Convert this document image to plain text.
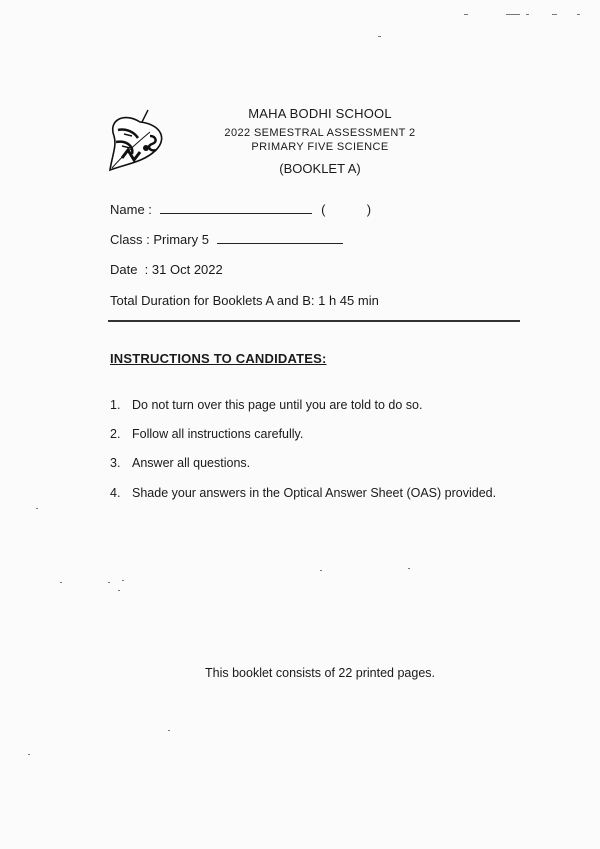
MAHA BODHI SCHOOL
2022 SEMESTRAL ASSESSMENT 2
PRIMARY FIVE SCIENCE
(BOOKLET A)
Name :	(	)
Class : Primary 5
Date  : 31 Oct 2022
Total Duration for Booklets A and B: 1 h 45 min
INSTRUCTIONS TO CANDIDATES:
1. Do not turn over this page until you are told to do so.
2. Follow all instructions carefully.
3. Answer all questions.
4. Shade your answers in the Optical Answer Sheet (OAS) provided.
This booklet consists of 22 printed pages.
